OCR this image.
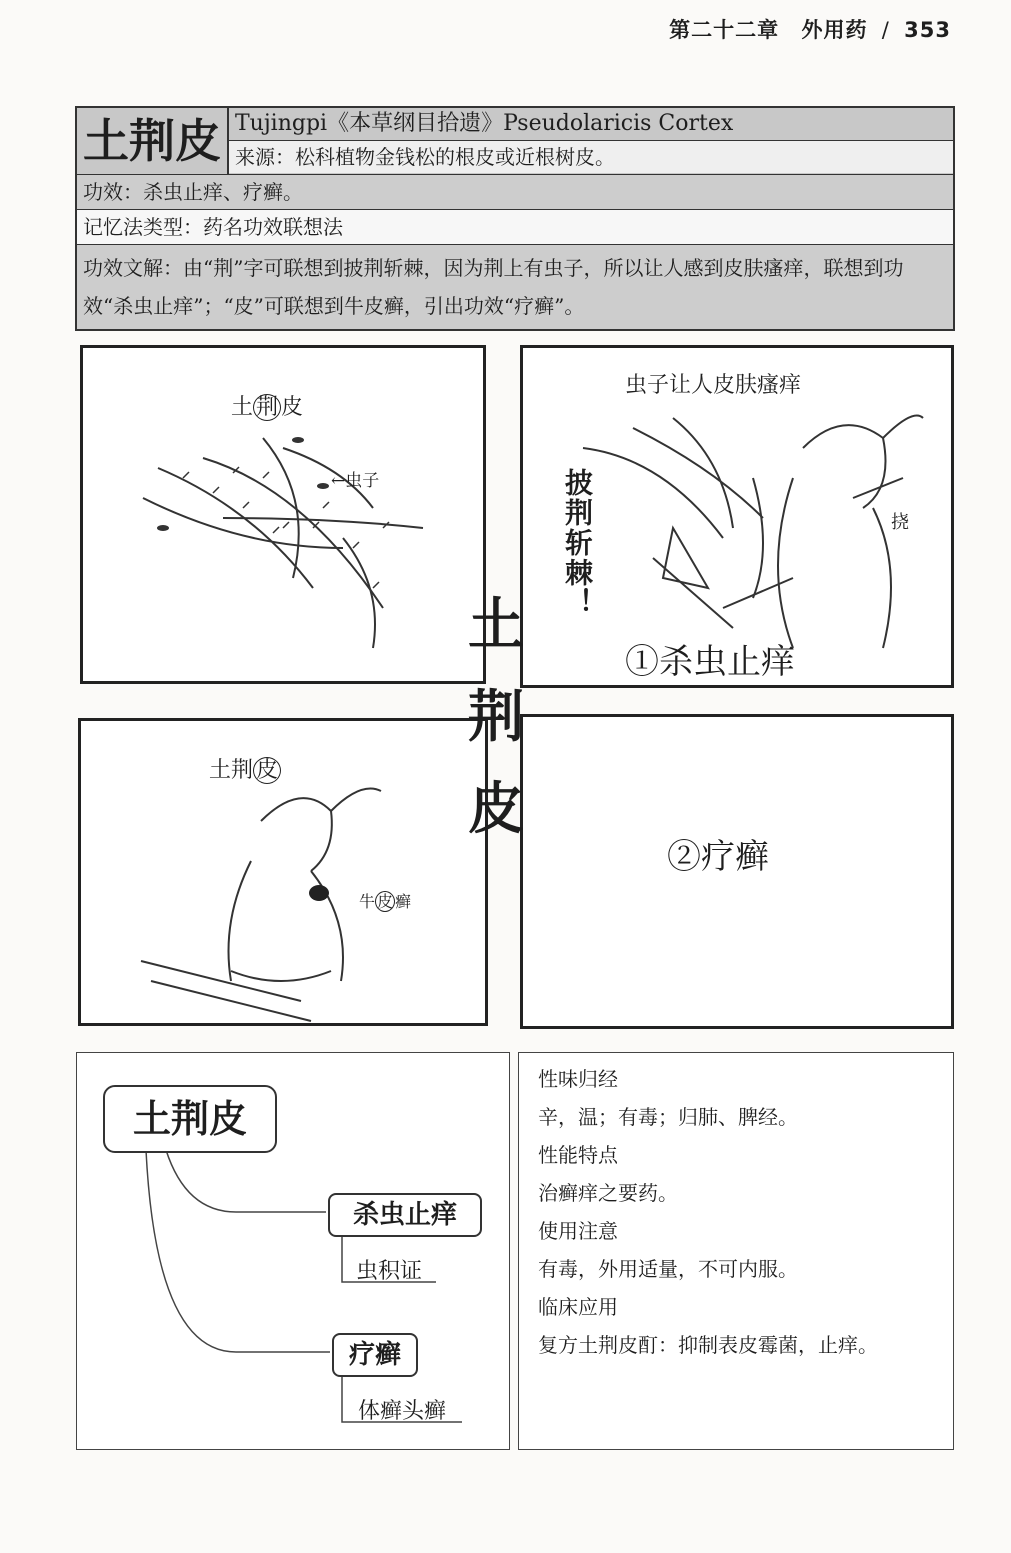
第二十二章 外用药 / 353
土荆皮 Tujingpi《本草纲目拾遗》Pseudolaricis Cortex
来源：松科植物金钱松的根皮或近根树皮。
功效：杀虫止痒、疗癣。
记忆法类型：药名功效联想法
功效文解：由“荆”字可联想到披荆斩棘，因为荆上有虫子，所以让人感到皮肤瘙痒，联想到功效“杀虫止痒”；“皮”可联想到牛皮癣，引出功效“疗癣”。
土 荆 皮
←虫子
虫子让人皮肤瘙痒
披荆斩棘！	挠
①杀虫止痒
土荆 皮
牛 皮 癣
②疗癣
土
荆
皮
土荆皮
杀虫止痒
虫积证
疗癣
体癣头癣
性味归经
辛，温；有毒；归肺、脾经。
性能特点
治癣痒之要药。
使用注意
有毒，外用适量，不可内服。
临床应用
复方土荆皮酊：抑制表皮霉菌，止痒。
